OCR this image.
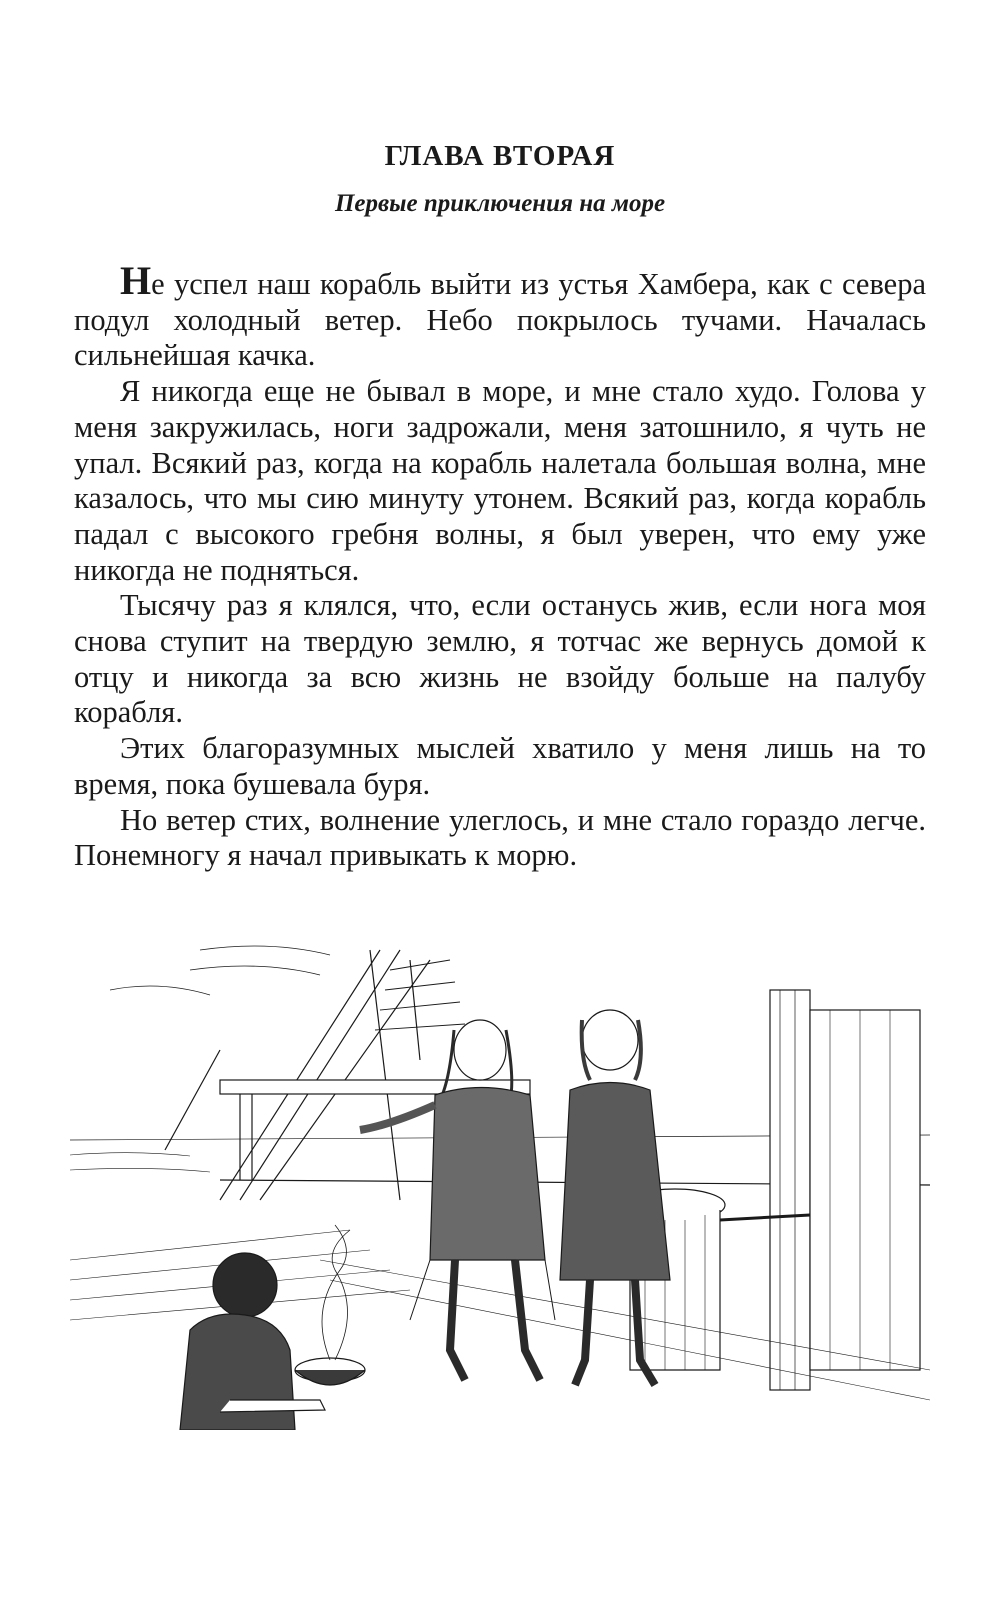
ГЛАВА ВТОРАЯ
Первые приключения на море

Не успел наш корабль выйти из устья Хамбера, как с севера подул холодный ветер. Небо покрылось тучами. Началась сильнейшая качка.

Я никогда еще не бывал в море, и мне стало худо. Голова у меня закружилась, ноги задрожали, меня затошнило, я чуть не упал. Всякий раз, когда на корабль налетала большая волна, мне казалось, что мы сию минуту утонем. Всякий раз, когда корабль падал с высокого гребня волны, я был уверен, что ему уже никогда не подняться.

Тысячу раз я клялся, что, если останусь жив, если нога моя снова ступит на твердую землю, я тотчас же вернусь домой к отцу и никогда за всю жизнь не взойду больше на палубу корабля.

Этих благоразумных мыслей хватило у меня лишь на то время, пока бушевала буря.

Но ветер стих, волнение улеглось, и мне стало гораздо легче. Понемногу я начал привыкать к морю.
